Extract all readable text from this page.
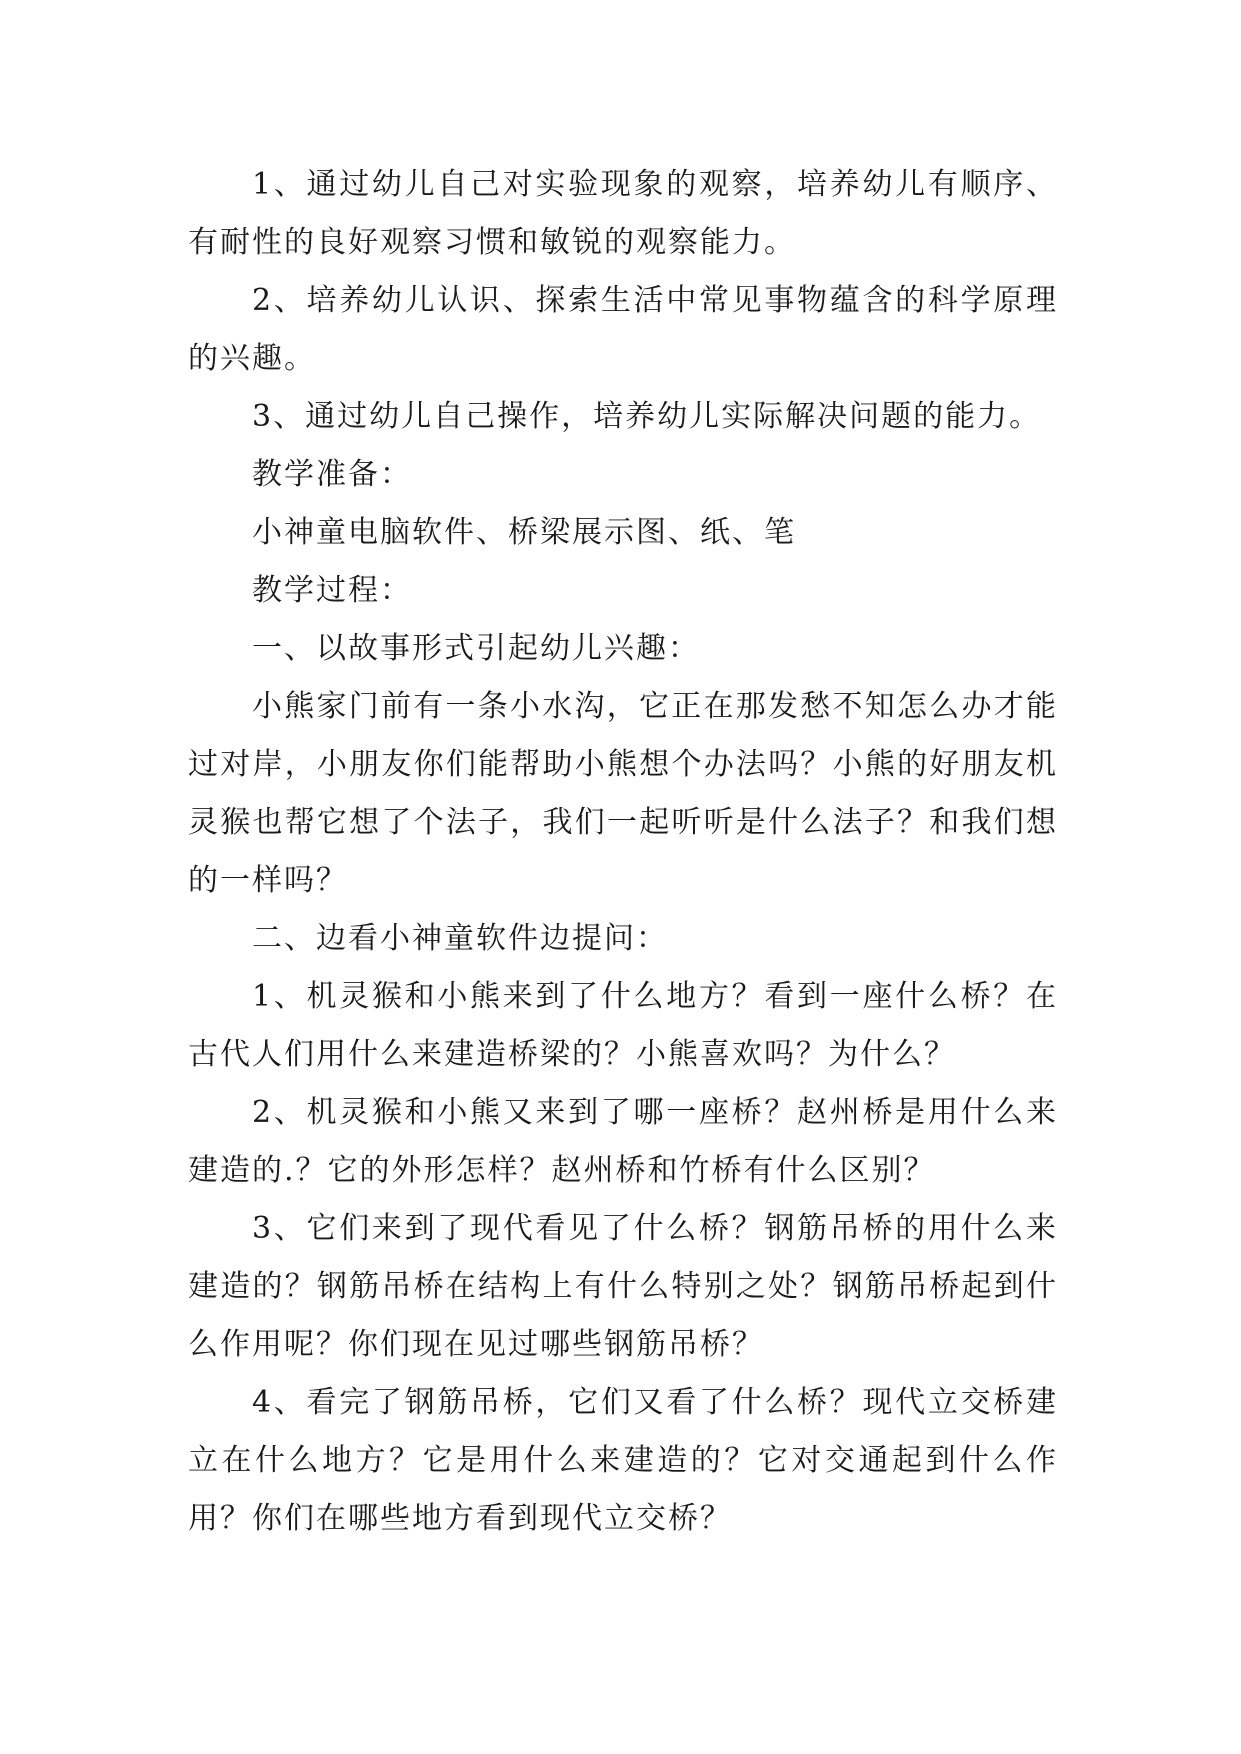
1、通过幼儿自己对实验现象的观察，培养幼儿有顺序、有耐性的良好观察习惯和敏锐的观察能力。

2、培养幼儿认识、探索生活中常见事物蕴含的科学原理的兴趣。

3、通过幼儿自己操作，培养幼儿实际解决问题的能力。

教学准备：

小神童电脑软件、桥梁展示图、纸、笔

教学过程：

一、以故事形式引起幼儿兴趣：

小熊家门前有一条小水沟，它正在那发愁不知怎么办才能过对岸，小朋友你们能帮助小熊想个办法吗？小熊的好朋友机灵猴也帮它想了个法子，我们一起听听是什么法子？和我们想的一样吗？

二、边看小神童软件边提问：

1、机灵猴和小熊来到了什么地方？看到一座什么桥？在古代人们用什么来建造桥梁的？小熊喜欢吗？为什么？

2、机灵猴和小熊又来到了哪一座桥？赵州桥是用什么来建造的.？它的外形怎样？赵州桥和竹桥有什么区别？

3、它们来到了现代看见了什么桥？钢筋吊桥的用什么来建造的？钢筋吊桥在结构上有什么特别之处？钢筋吊桥起到什么作用呢？你们现在见过哪些钢筋吊桥？

4、看完了钢筋吊桥，它们又看了什么桥？现代立交桥建立在什么地方？它是用什么来建造的？它对交通起到什么作用？你们在哪些地方看到现代立交桥？
